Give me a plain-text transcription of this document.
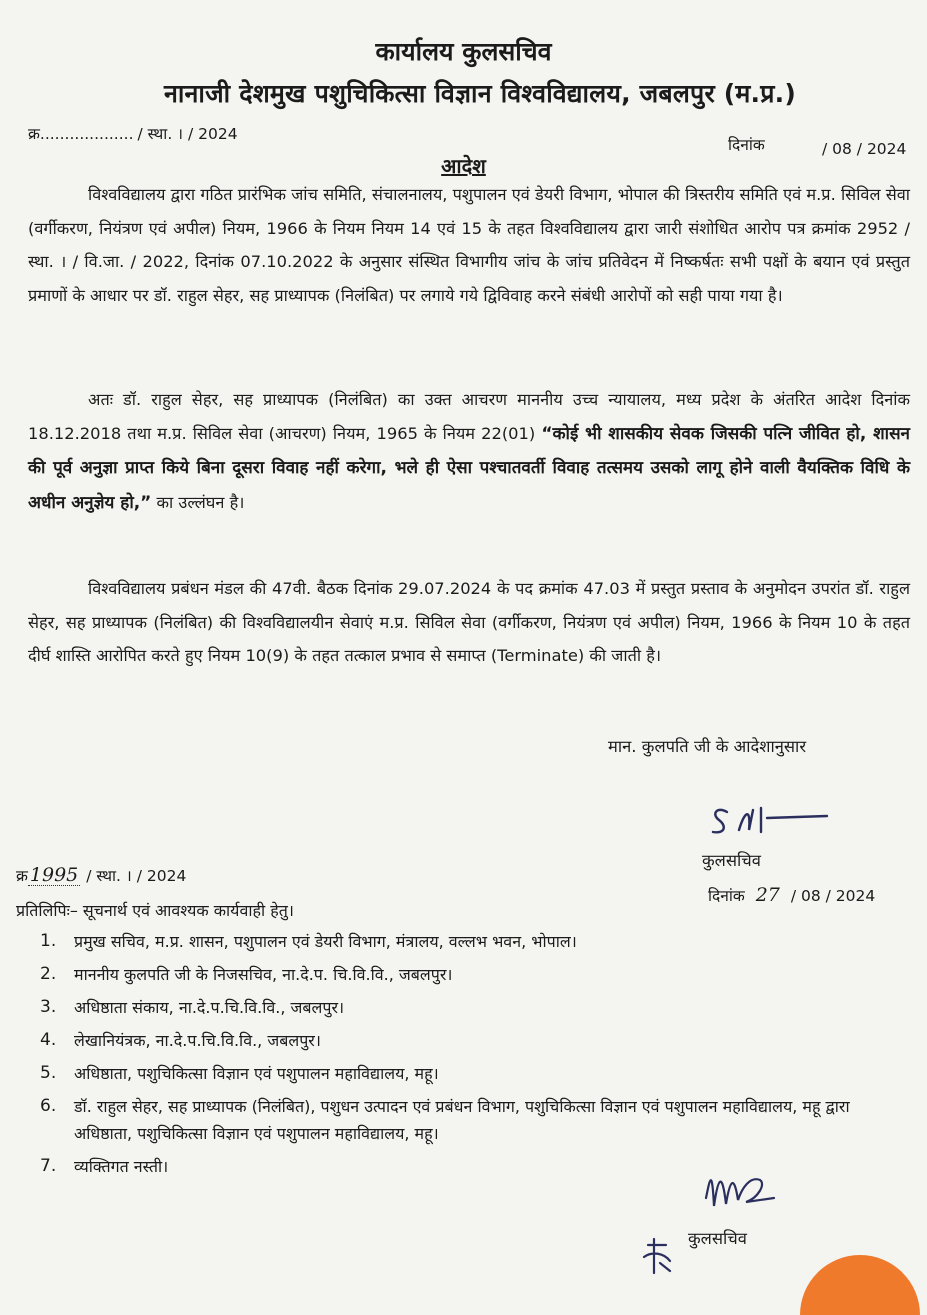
कार्यालय कुलसचिव
नानाजी देशमुख पशुचिकित्सा विज्ञान विश्वविद्यालय, जबलपुर (म.प्र.)
क्र................... / स्था. । / 2024
दिनांक	/ 08 / 2024
आदेश

विश्वविद्यालय द्वारा गठित प्रारंभिक जांच समिति, संचालनालय, पशुपालन एवं डेयरी विभाग, भोपाल की त्रिस्तरीय समिति एवं म.प्र. सिविल सेवा (वर्गीकरण, नियंत्रण एवं अपील) नियम, 1966 के नियम नियम 14 एवं 15 के तहत विश्वविद्यालय द्वारा जारी संशोधित आरोप पत्र क्रमांक 2952 / स्था. । / वि.जा. / 2022, दिनांक 07.10.2022 के अनुसार संस्थित विभागीय जांच के जांच प्रतिवेदन में निष्कर्षतः सभी पक्षों के बयान एवं प्रस्तुत प्रमाणों के आधार पर डॉ. राहुल सेहर, सह प्राध्यापक (निलंबित) पर लगाये गये द्विविवाह करने संबंधी आरोपों को सही पाया गया है।

अतः डॉ. राहुल सेहर, सह प्राध्यापक (निलंबित) का उक्त आचरण माननीय उच्च न्यायालय, मध्य प्रदेश के अंतरित आदेश दिनांक 18.12.2018 तथा म.प्र. सिविल सेवा (आचरण) नियम, 1965 के नियम 22(01) “कोई भी शासकीय सेवक जिसकी पत्नि जीवित हो, शासन की पूर्व अनुज्ञा प्राप्त किये बिना दूसरा विवाह नहीं करेगा, भले ही ऐसा पश्चातवर्ती विवाह तत्समय उसको लागू होने वाली वैयक्तिक विधि के अधीन अनुज्ञेय हो,” का उल्लंघन है।

विश्वविद्यालय प्रबंधन मंडल की 47वी. बैठक दिनांक 29.07.2024 के पद क्रमांक 47.03 में प्रस्तुत प्रस्ताव के अनुमोदन उपरांत डॉ. राहुल सेहर, सह प्राध्यापक (निलंबित) की विश्वविद्यालयीन सेवाएं म.प्र. सिविल सेवा (वर्गीकरण, नियंत्रण एवं अपील) नियम, 1966 के नियम 10 के तहत दीर्घ शास्ति आरोपित करते हुए नियम 10(9) के तहत तत्काल प्रभाव से समाप्त (Terminate) की जाती है।

मान. कुलपति जी के आदेशानुसार
कुलसचिव
क्र 1995 / स्था. । / 2024
दिनांक 27 / 08 / 2024
प्रतिलिपिः– सूचनार्थ एवं आवश्यक कार्यवाही हेतु।
1. प्रमुख सचिव, म.प्र. शासन, पशुपालन एवं डेयरी विभाग, मंत्रालय, वल्लभ भवन, भोपाल।
2. माननीय कुलपति जी के निजसचिव, ना.दे.प. चि.वि.वि., जबलपुर।
3. अधिष्ठाता संकाय, ना.दे.प.चि.वि.वि., जबलपुर।
4. लेखानियंत्रक, ना.दे.प.चि.वि.वि., जबलपुर।
5. अधिष्ठाता, पशुचिकित्सा विज्ञान एवं पशुपालन महाविद्यालय, महू।
6. डॉ. राहुल सेहर, सह प्राध्यापक (निलंबित), पशुधन उत्पादन एवं प्रबंधन विभाग, पशुचिकित्सा विज्ञान एवं पशुपालन महाविद्यालय, महू द्वारा अधिष्ठाता, पशुचिकित्सा विज्ञान एवं पशुपालन महाविद्यालय, महू।
7. व्यक्तिगत नस्ती।
कुलसचिव
